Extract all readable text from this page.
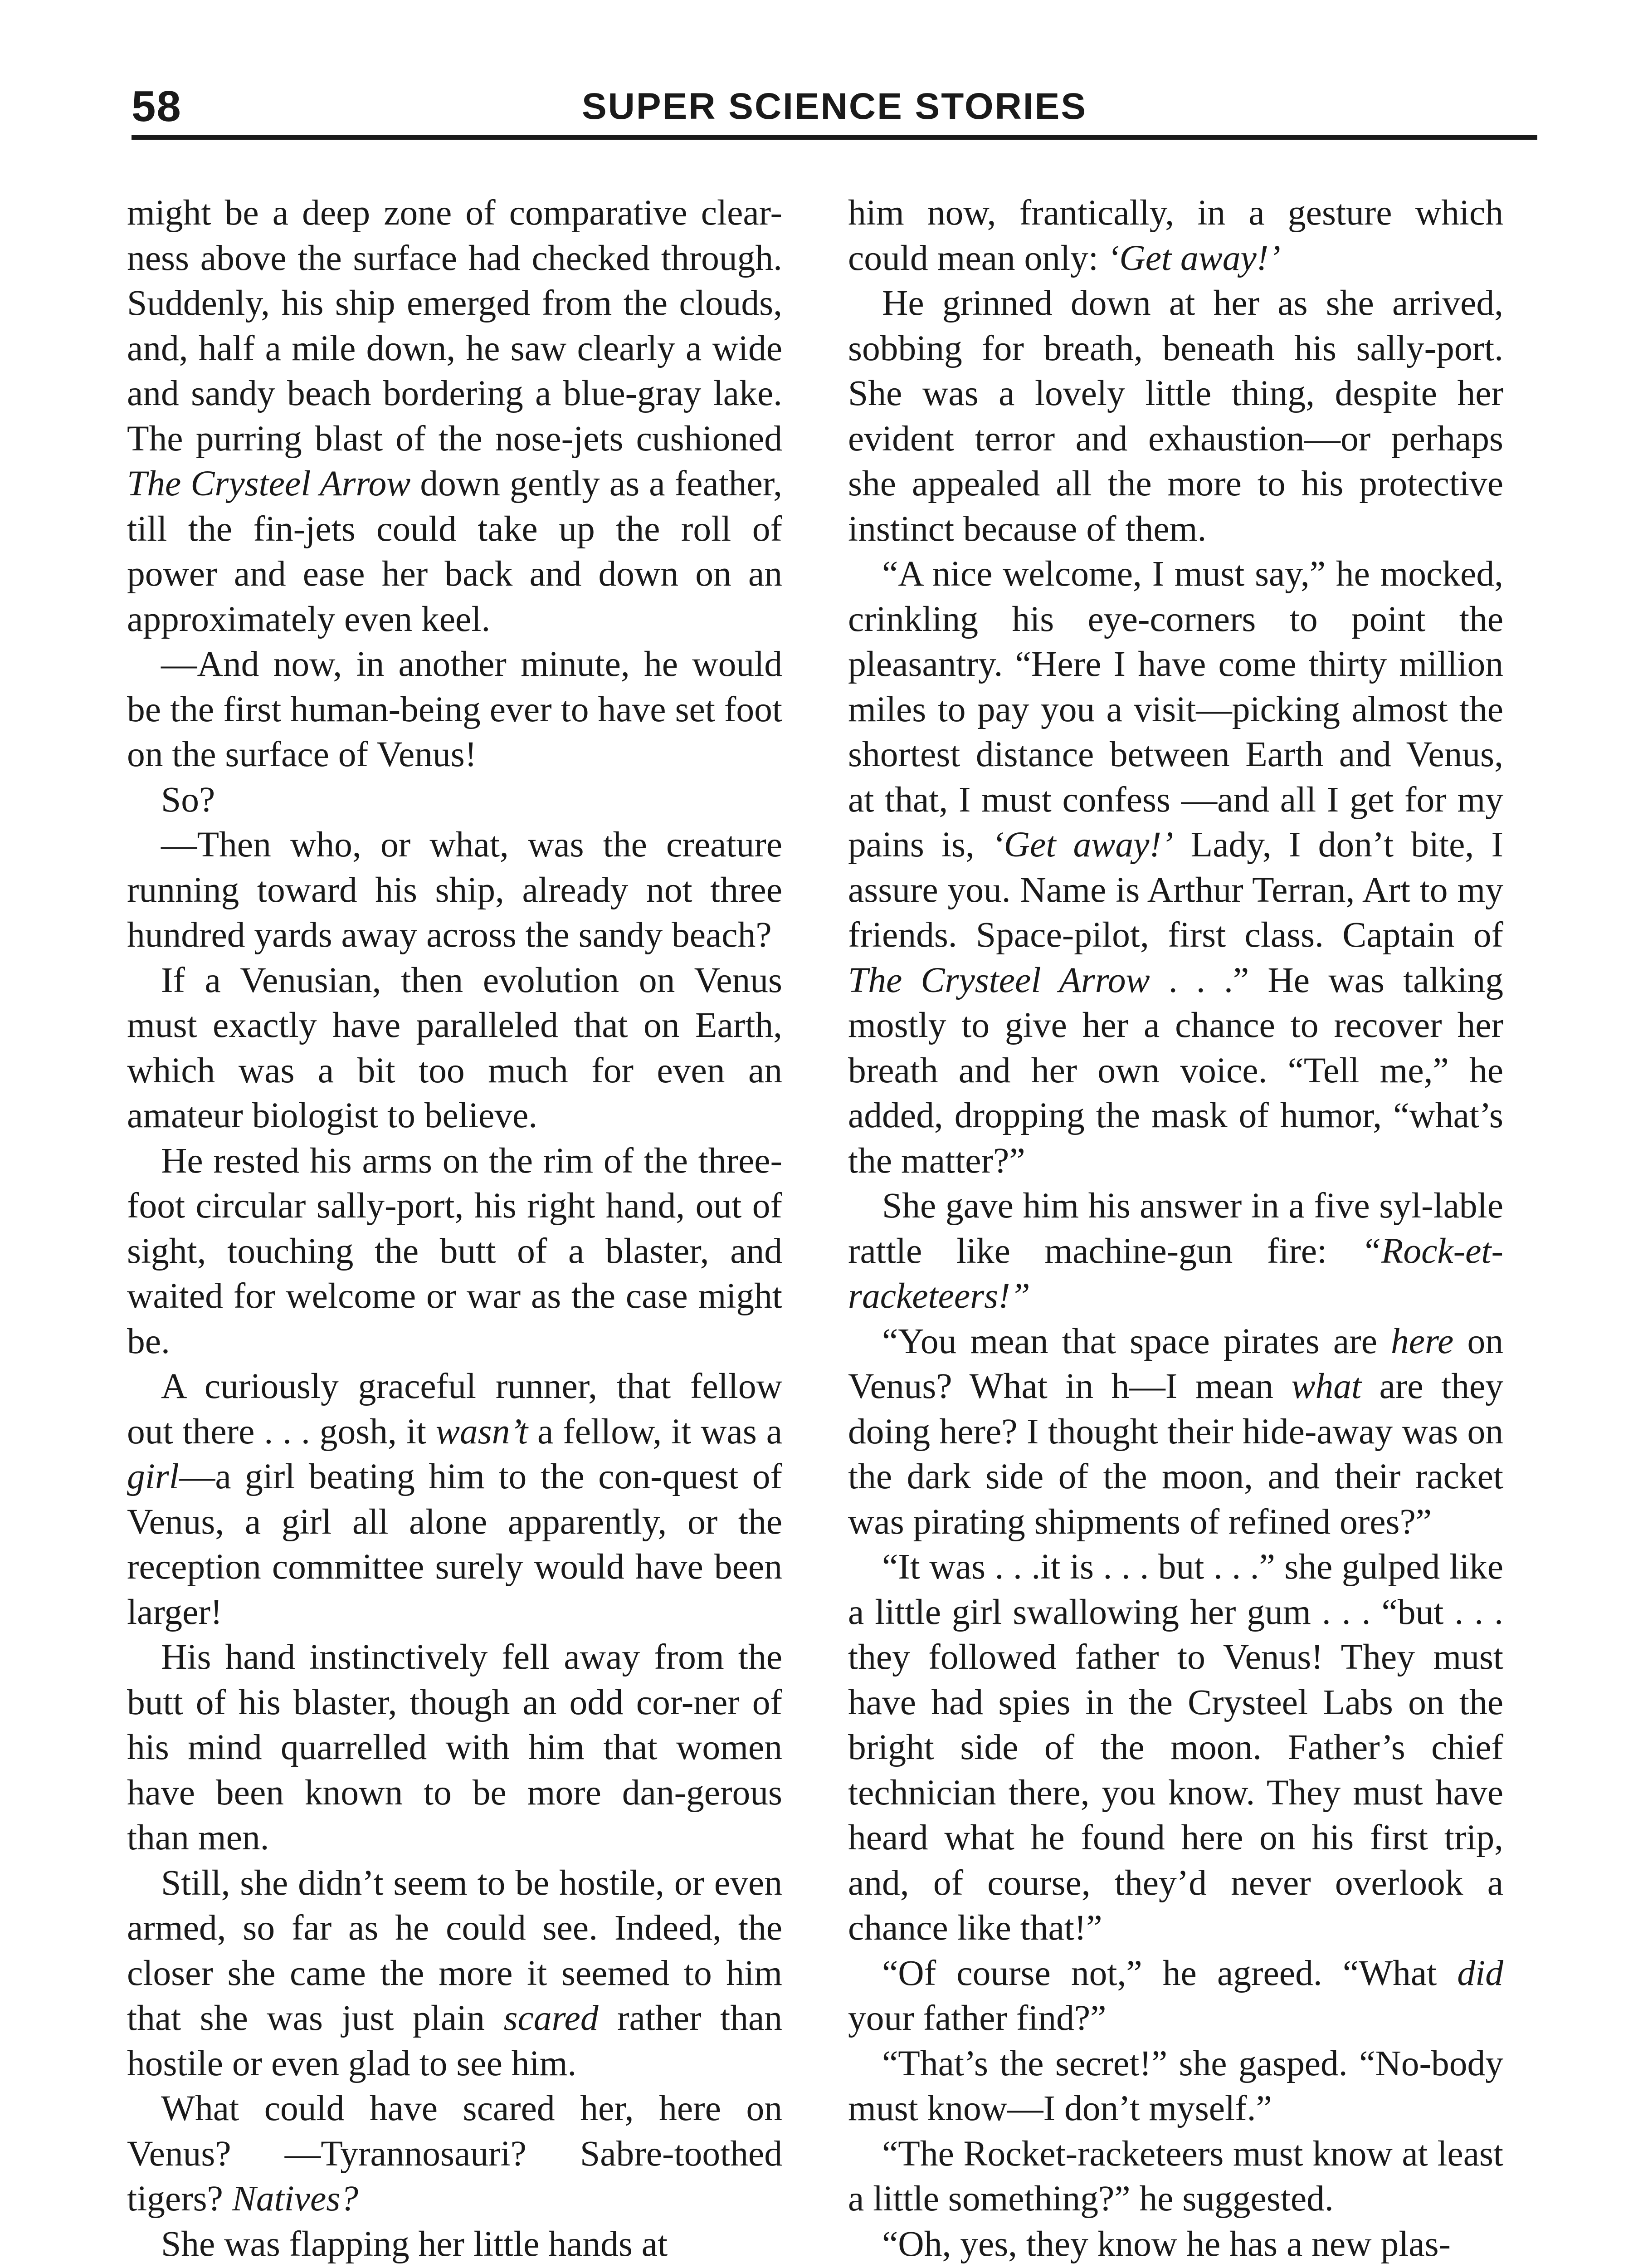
58	SUPER SCIENCE STORIES

might be a deep zone of comparative clear-ness above the surface had checked through. Suddenly, his ship emerged from the clouds, and, half a mile down, he saw clearly a wide and sandy beach bordering a blue-gray lake. The purring blast of the nose-jets cushioned The Crysteel Arrow down gently as a feather, till the fin-jets could take up the roll of power and ease her back and down on an approximately even keel.

—And now, in another minute, he would be the first human-being ever to have set foot on the surface of Venus!

So?

—Then who, or what, was the creature running toward his ship, already not three hundred yards away across the sandy beach?

If a Venusian, then evolution on Venus must exactly have paralleled that on Earth, which was a bit too much for even an amateur biologist to believe.

He rested his arms on the rim of the three-foot circular sally-port, his right hand, out of sight, touching the butt of a blaster, and waited for welcome or war as the case might be.

A curiously graceful runner, that fellow out there . . . gosh, it wasn’t a fellow, it was a girl—a girl beating him to the con-quest of Venus, a girl all alone apparently, or the reception committee surely would have been larger!

His hand instinctively fell away from the butt of his blaster, though an odd cor-ner of his mind quarrelled with him that women have been known to be more dan-gerous than men.

Still, she didn’t seem to be hostile, or even armed, so far as he could see. Indeed, the closer she came the more it seemed to him that she was just plain scared rather than hostile or even glad to see him.

What could have scared her, here on Venus? —Tyrannosauri? Sabre-toothed tigers? Natives?

She was flapping her little hands at

him now, frantically, in a gesture which could mean only: ‘Get away!’

He grinned down at her as she arrived, sobbing for breath, beneath his sally-port. She was a lovely little thing, despite her evident terror and exhaustion—or perhaps she appealed all the more to his protective instinct because of them.

“A nice welcome, I must say,” he mocked, crinkling his eye-corners to point the pleasantry. “Here I have come thirty million miles to pay you a visit—picking almost the shortest distance between Earth and Venus, at that, I must confess —and all I get for my pains is, ‘Get away!’ Lady, I don’t bite, I assure you. Name is Arthur Terran, Art to my friends. Space-pilot, first class. Captain of The Crysteel Arrow . . .” He was talking mostly to give her a chance to recover her breath and her own voice. “Tell me,” he added, dropping the mask of humor, “what’s the matter?”

She gave him his answer in a five syl-lable rattle like machine-gun fire: “Rock-et-racketeers!”

“You mean that space pirates are here on Venus? What in h—I mean what are they doing here? I thought their hide-away was on the dark side of the moon, and their racket was pirating shipments of refined ores?”

“It was . . .it is . . . but . . .” she gulped like a little girl swallowing her gum . . . “but . . . they followed father to Venus! They must have had spies in the Crysteel Labs on the bright side of the moon. Father’s chief technician there, you know. They must have heard what he found here on his first trip, and, of course, they’d never overlook a chance like that!”

“Of course not,” he agreed. “What did your father find?”

“That’s the secret!” she gasped. “No-body must know—I don’t myself.”

“The Rocket-racketeers must know at least a little something?” he suggested.

“Oh, yes, they know he has a new plas-
